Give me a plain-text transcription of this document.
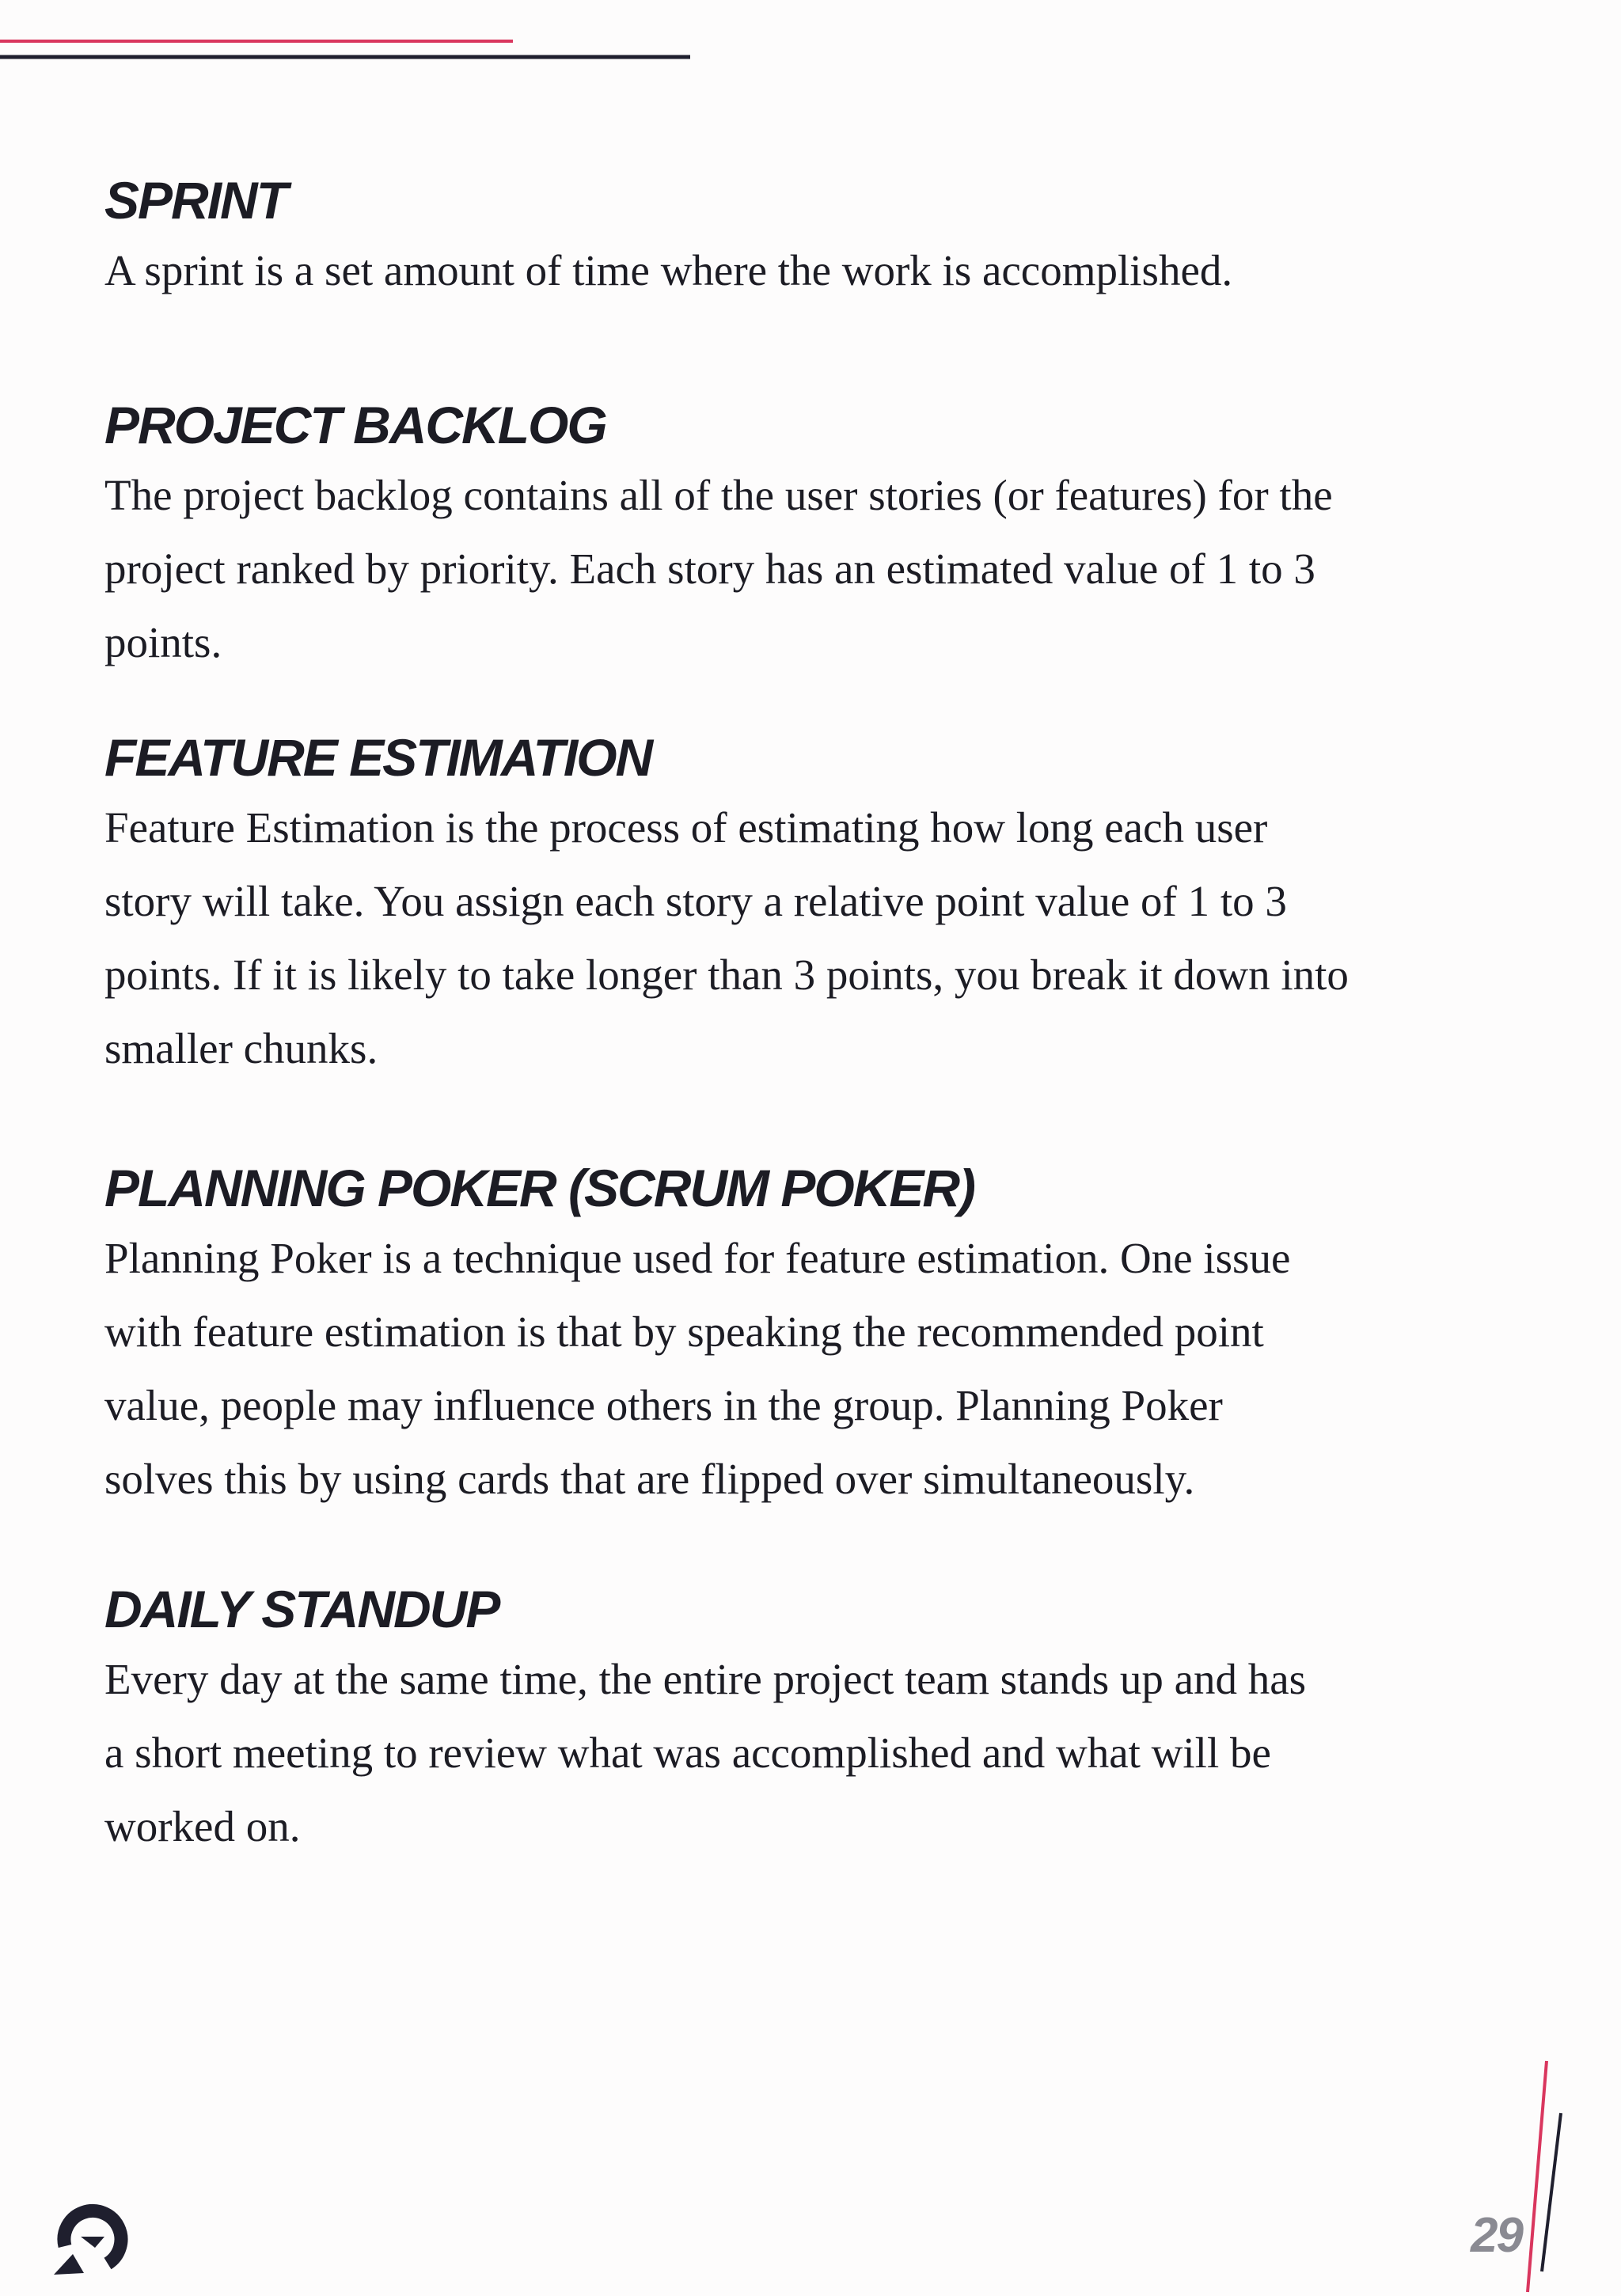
SPRINT

A sprint is a set amount of time where the work is accomplished.

PROJECT BACKLOG

The project backlog contains all of the user stories (or features) for the
project ranked by priority. Each story has an estimated value of 1 to 3
points.

FEATURE ESTIMATION

Feature Estimation is the process of estimating how long each user
story will take. You assign each story a relative point value of 1 to 3
points. If it is likely to take longer than 3 points, you break it down into
smaller chunks.

PLANNING POKER (SCRUM POKER)

Planning Poker is a technique used for feature estimation. One issue
with feature estimation is that by speaking the recommended point
value, people may influence others in the group. Planning Poker
solves this by using cards that are flipped over simultaneously.

DAILY STANDUP

Every day at the same time, the entire project team stands up and has
a short meeting to review what was accomplished and what will be
worked on.

29
